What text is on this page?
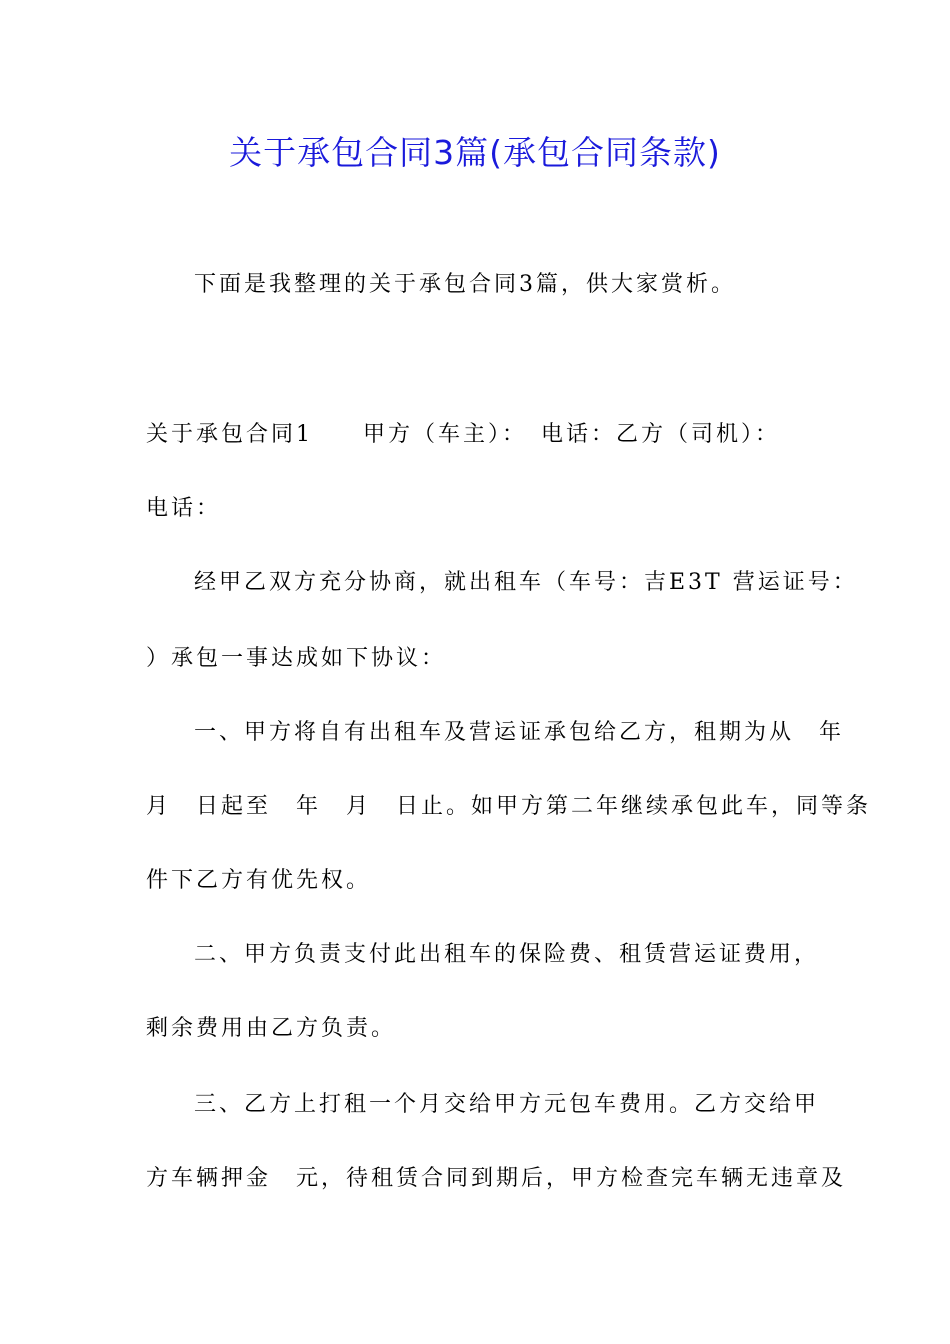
关于承包合同3篇(承包合同条款)
下面是我整理的关于承包合同3篇，供大家赏析。
关于承包合同1　　甲方（车主）：　电话：乙方（司机）：
电话：
经甲乙双方充分协商，就出租车（车号：吉E3T 营运证号：
）承包一事达成如下协议：
一、甲方将自有出租车及营运证承包给乙方，租期为从　年
月　日起至　年　月　日止。如甲方第二年继续承包此车，同等条
件下乙方有优先权。
二、甲方负责支付此出租车的保险费、租赁营运证费用，
剩余费用由乙方负责。
三、乙方上打租一个月交给甲方元包车费用。乙方交给甲
方车辆押金　元，待租赁合同到期后，甲方检查完车辆无违章及
